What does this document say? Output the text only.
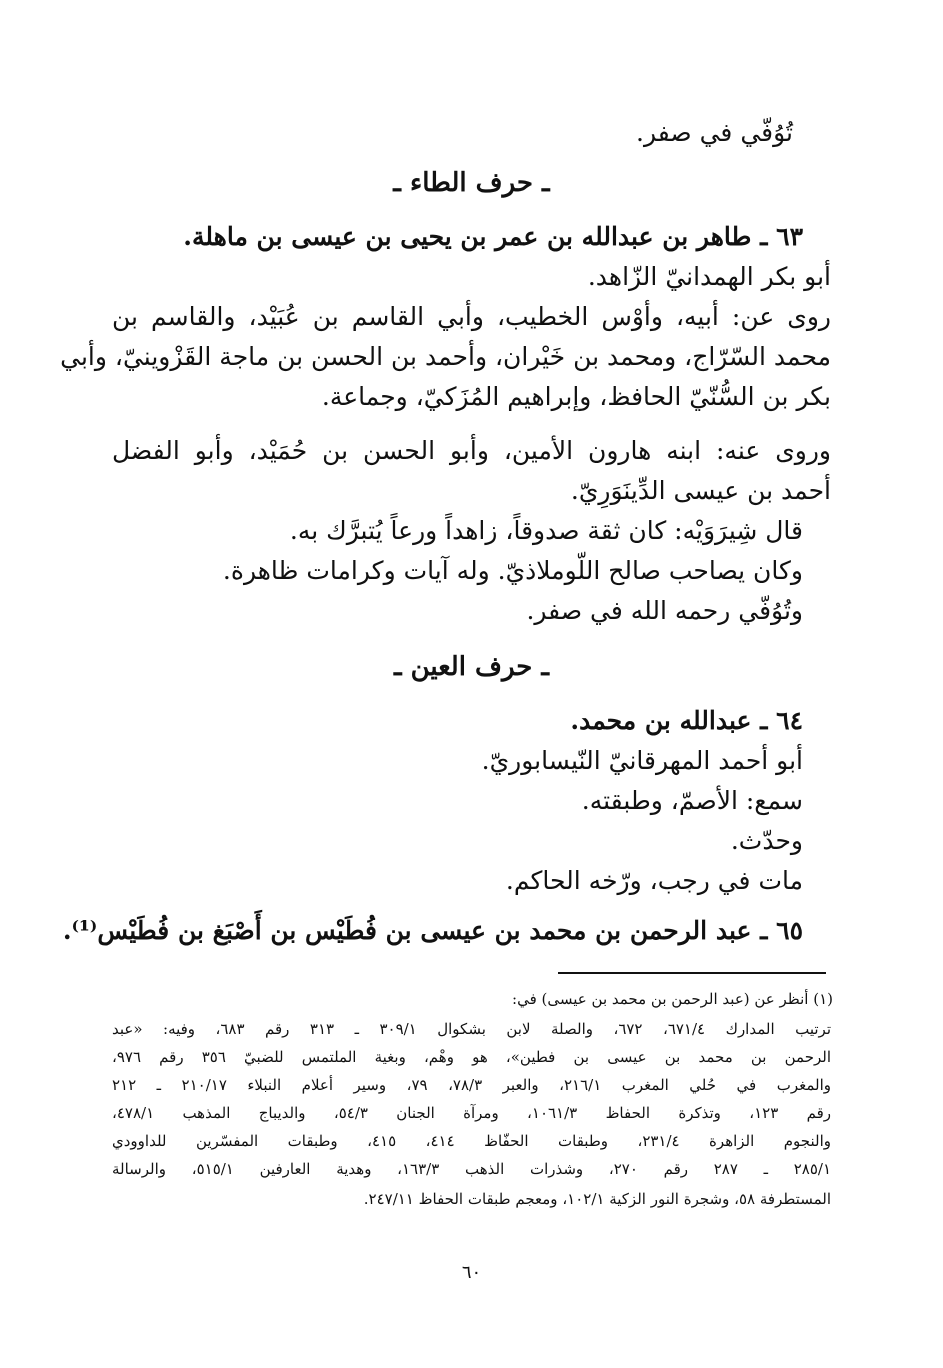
تُوُفّي في صفر.
ـ حرف الطاء ـ
٦٣ ـ طاهر بن عبدالله بن عمر بن يحيى بن عيسى بن ماهلة.
أبو بكر الهمدانيّ الزّاهد.
روى عن: أبيه، وأوْس الخطيب، وأبي القاسم بن عُبَيْد، والقاسم بن
محمد السّرّاج، ومحمد بن خَيْران، وأحمد بن الحسن بن ماجة القَزْوينيّ، وأبي
بكر بن السُّنّيّ الحافظ، وإبراهيم المُزَكيّ، وجماعة.
وروى عنه: ابنه هارون الأمين، وأبو الحسن بن حُمَيْد، وأبو الفضل
أحمد بن عيسى الدِّينَوَرِيّ.
قال شِيرَوَيْه: كان ثقة صدوقاً، زاهداً ورعاً يُتبرَّك به.
وكان يصاحب صالح اللّوملاذيّ. وله آيات وكرامات ظاهرة.
وتُوُفّي رحمه الله في صفر.
ـ حرف العين ـ
٦٤ ـ عبدالله بن محمد.
أبو أحمد المهرقانيّ النّيسابوريّ.
سمع: الأصمّ، وطبقته.
وحدّث.
مات في رجب، ورّخه الحاكم.
٦٥ ـ عبد الرحمن بن محمد بن عيسى بن فُطَيْس بن أَصْبَغ بن فُطَيْس⁽¹⁾.
(١) أنظر عن (عبد الرحمن بن محمد بن عيسى) في:
ترتيب المدارك ٦٧١/٤، ٦٧٢، والصلة لابن بشكوال ٣٠٩/١ ـ ٣١٣ رقم ٦٨٣، وفيه: «عبد
الرحمن بن محمد بن عيسى بن فطين»، هو وهْم، وبغية الملتمس للضبيّ ٣٥٦ رقم ٩٧٦،
والمغرب في حُلي المغرب ٢١٦/١، والعبر ٧٨/٣، ٧٩، وسير أعلام النبلاء ٢١٠/١٧ ـ ٢١٢
رقم ١٢٣، وتذكرة الحفاظ ١٠٦١/٣، ومرآة الجنان ٥٤/٣، والديباج المذهب ٤٧٨/١،
والنجوم الزاهرة ٢٣١/٤، وطبقات الحفّاظ ٤١٤، ٤١٥، وطبقات المفسّرين للداوودي
٢٨٥/١ ـ ٢٨٧ رقم ٢٧٠، وشذرات الذهب ١٦٣/٣، وهدية العارفين ٥١٥/١، والرسالة
المستطرفة ٥٨، وشجرة النور الزكية ١٠٢/١، ومعجم طبقات الحفاظ ٢٤٧/١١.
٦٠
